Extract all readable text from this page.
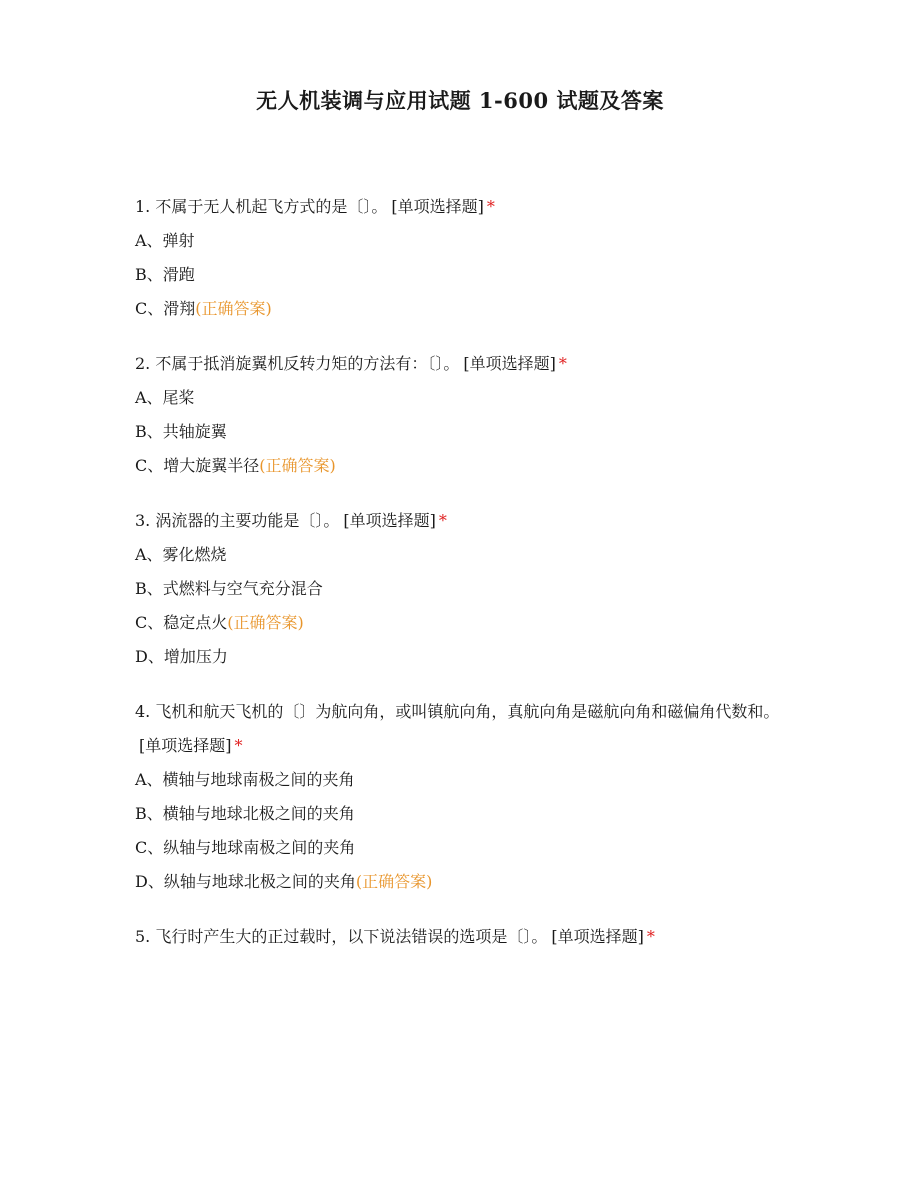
无人机装调与应用试题 1-600 试题及答案

1. 不属于无人机起飞方式的是〔〕。 [单项选择题] *

A、弹射

B、滑跑

C、滑翔(正确答案)

2. 不属于抵消旋翼机反转力矩的方法有：〔〕。 [单项选择题] *

A、尾桨

B、共轴旋翼

C、增大旋翼半径(正确答案)

3. 涡流器的主要功能是〔〕。 [单项选择题] *

A、雾化燃烧

B、式燃料与空气充分混合

C、稳定点火(正确答案)

D、增加压力

4. 飞机和航天飞机的〔〕为航向角，或叫镇航向角，真航向角是磁航向角和磁偏角代数和。[单项选择题] *

A、横轴与地球南极之间的夹角

B、横轴与地球北极之间的夹角

C、纵轴与地球南极之间的夹角

D、纵轴与地球北极之间的夹角(正确答案)

5. 飞行时产生大的正过载时，以下说法错误的选项是〔〕。 [单项选择题] *
